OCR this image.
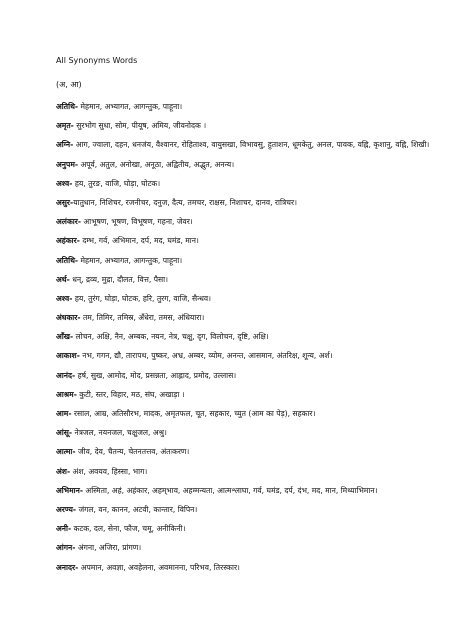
All Synonyms Words
(अ, आ)
अतिथि- मेहमान, अभ्यागत, आगन्तुक, पाहूना।
अमृत- सुरभोग सुधा, सोम, पीयूष, अमिय, जीवनोदक ।
अग्नि- आग, ज्वाला, दहन, धनजंय, वैश्वानर, रोहिताश्व, वायुसखा, विभावसु, हुताशन, धूमकेतु, अनल, पावक, वह्नि, कृशानु, वह्नि, शिखी।
अनुपम- अपूर्व, अतुल, अनोखा, अनूठा, अद्वितीय, अद्भुत, अनन्य।
अश्व- हय, तुरङ, वाजि, घोड़ा, घोटक।
असुर-यातुधान, निशिचर, रजनीचर, दनुज, दैत्य, तमचर, राक्षस, निशाचर, दानव, रात्रिचर।
अलंकार- आभूषण, भूषण, विभूषण, गहना, जेवर।
अहंकार- दम्भ, गर्व, अभिमान, दर्प, मद, घमंड, मान।
अतिथि- मेहमान, अभ्यागत, आगन्तुक, पाहूना।
अर्थ- धन्, द्रव्य, मुद्रा, दौलत, वित्त, पैसा।
अश्व- हय, तुरंग, घोड़ा, घोटक, हरि, तुरग, वाजि, सैन्धव।
अंधकार- तम, तिमिर, तमिस्र, अँधेरा, तमस, अंधियारा।
आँख- लोचन, अक्षि, नैन, अम्बक, नयन, नेत्र, चक्षु, दृग, विलोचन, दृष्टि, अक्षि।
आकाश- नभ, गगन, द्यौ, तारापथ, पुष्कर, अभ्र, अम्बर, व्योम, अनन्त, आसमान, अंतरिक्ष, शून्य, अर्श।
आनंद- हर्ष, सुख, आमोद, मोद, प्रसन्नता, आह्लाद, प्रमोद, उल्लास।
आश्रम- कुटी, स्तर, विहार, मठ, संघ, अखाड़ा ।
आम- रसाल, आम्र, अतिसौरभ, मादक, अमृतफल, चूत, सहकार, च्युत (आम का पेड़), सहकार।
आंसू- नेत्रजल, नयनजल, चक्षुजल, अश्रु।
आत्मा- जीव, देव, चैतन्य, चेतनतत्तव, अंतःकरण।
अंश- अंश, अवयव, हिस्सा, भाग।
अभिमान- अस्मिता, अहं, अहंकार, अहम्‌भाव, अहम्मन्यता, आत्मश्लाघा, गर्व, घमंड, दर्प, दंभ, मद, मान, मिथ्याभिमान।
अरण्य- जंगल, वन, कानन, अटवी, कान्तार, विपिन।
अनी- कटक, दल, सेना, फौज, चमू, अनीकिनी।
आंगन- अंगना, अजिरा, प्रांगण।
अनादर- अपमान, अवज्ञा, अवहेलना, अवमानना, परिभव, तिरस्कार।
